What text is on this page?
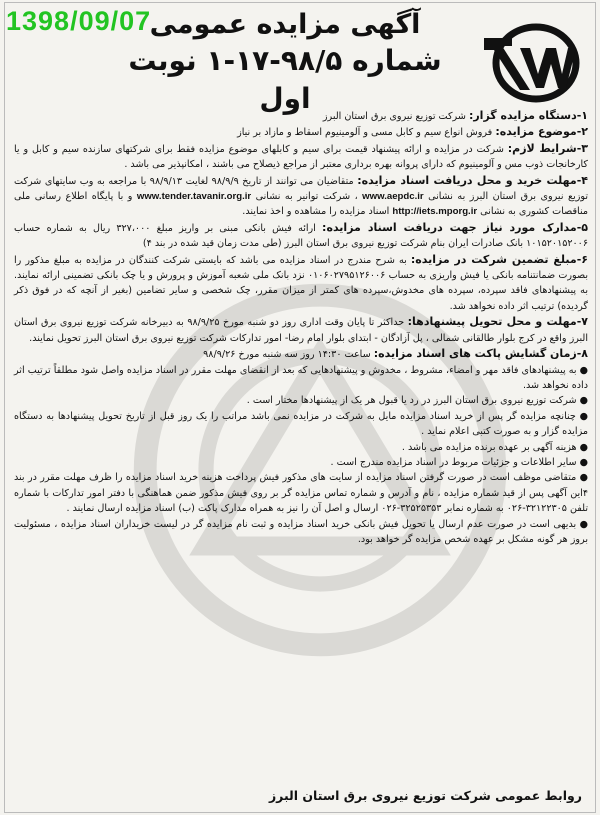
1398/09/07
آگهی مزایده عمومی
شماره ۹۸/۵-۱۷-۱ نوبت اول

۱-دستگاه مزایده گزار: شرکت توزیع نیروی برق استان البرز

۲-موضوع مزایده: فروش انواع سیم و کابل مسی و آلومینیوم اسقاط و مازاد بر نیاز

۳-شرایط لازم: شرکت در مزایده و ارائه پیشنهاد قیمت برای سیم و کابلهای موضوع مزایده فقط برای شرکتهای سازنده سیم و کابل و یا کارخانجات ذوب مس و آلومینیوم که دارای پروانه بهره برداری معتبر از مراجع ذیصلاح می باشند ، امکانپذیر می باشد .

۴-مهلت خرید و محل دریافت اسناد مزایده: متقاضیان می توانند از تاریخ ۹۸/۹/۹ لغایت ۹۸/۹/۱۳ با مراجعه به وب سایتهای شرکت توزیع نیروی برق استان البرز به نشانی www.aepdc.ir ، شرکت توانیر به نشانی www.tender.tavanir.org.ir و با پایگاه اطلاع رسانی ملی مناقصات کشوری به نشانی http://iets.mporg.ir اسناد مزایده را مشاهده و اخذ نمایند.

۵-مدارک مورد نیاز جهت دریافت اسناد مزایده: ارائه فیش بانکی مبنی بر واریز مبلغ ۳۲۷،۰۰۰ ریال به شماره حساب ۱۰۱۵۲۰۱۵۲۰۰۶ بانک صادرات ایران بنام شرکت توزیع نیروی برق استان البرز (طی مدت زمان قید شده در بند ۴)

۶-مبلغ تضمین شرکت در مزایده: به شرح مندرج در اسناد مزایده می باشد که بایستی شرکت کنندگان در مزایده به مبلغ مذکور را بصورت ضمانتنامه بانکی یا فیش واریزی به حساب ۰۱۰۶۰۲۷۹۵۱۲۶۰۰۶ نزد بانک ملی شعبه آموزش و پرورش و یا چک بانکی تضمینی ارائه نمایند. به پیشنهادهای فاقد سپرده، سپرده های مخدوش،سپرده های کمتر از میزان مقرر، چک شخصی و سایر تضامین (بغیر از آنچه که در فوق ذکر گردیده) ترتیب اثر داده نخواهد شد.

۷-مهلت و محل تحویل پیشنهادها: حداکثر تا پایان وقت اداری روز دو شنبه مورخ ۹۸/۹/۲۵ به دبیرخانه شرکت توزیع نیروی برق استان البرز واقع در کرج بلوار طالقانی شمالی ، پل آزادگان - ابتدای بلوار امام رضا- امور تدارکات شرکت توزیع نیروی برق استان البرز تحویل نمایند.

۸-زمان گشایش پاکت های اسناد مزایده: ساعت ۱۴:۳۰ روز سه شنبه مورخ ۹۸/۹/۲۶

● به پیشنهادهای فاقد مهر و امضاء، مشروط ، مخدوش و پیشنهادهایی که بعد از انقضای مهلت مقرر در اسناد مزایده واصل شود مطلقاً ترتیب اثر داده نخواهد شد.

● شرکت توزیع نیروی برق استان البرز در رد یا قبول هر یک از پیشنهادها مختار است .

● چنانچه مزایده گر پس از خرید اسناد مزایده مایل به شرکت در مزایده نمی باشد مراتب را یک روز قبل از تاریخ تحویل پیشنهادها به دستگاه مزایده گزار و به صورت کتبی اعلام نماید .

● هزینه آگهی بر عهده برنده مزایده می باشد .

● سایر اطلاعات و جزئیات مربوط در اسناد مزایده مندرج است .

● متقاضی موظف است در صورت گرفتن اسناد مزایده از سایت های مذکور فیش پرداخت هزینه خرید اسناد مزایده را ظرف مهلت مقرر در بند ۴این آگهی پس از قید شماره مزایده ، نام و آدرس و شماره تماس مزایده گر بر روی فیش مذکور ضمن هماهنگی با دفتر امور تدارکات با شماره تلفن ۳۲۱۲۲۳۰۵-۰۲۶ به شماره نمابر ۳۲۵۲۵۳۵۳-۰۲۶ ارسال و اصل آن را نیز به همراه مدارک پاکت (ب) اسناد مزایده ارسال نمایند .

● بدیهی است در صورت عدم ارسال یا تحویل فیش بانکی خرید اسناد مزایده و ثبت نام مزایده گر در لیست خریداران اسناد مزایده ، مسئولیت بروز هر گونه مشکل بر عهده شخص مزایده گر خواهد بود.

روابط عمومی شرکت توزیع نیروی برق استان البرز
